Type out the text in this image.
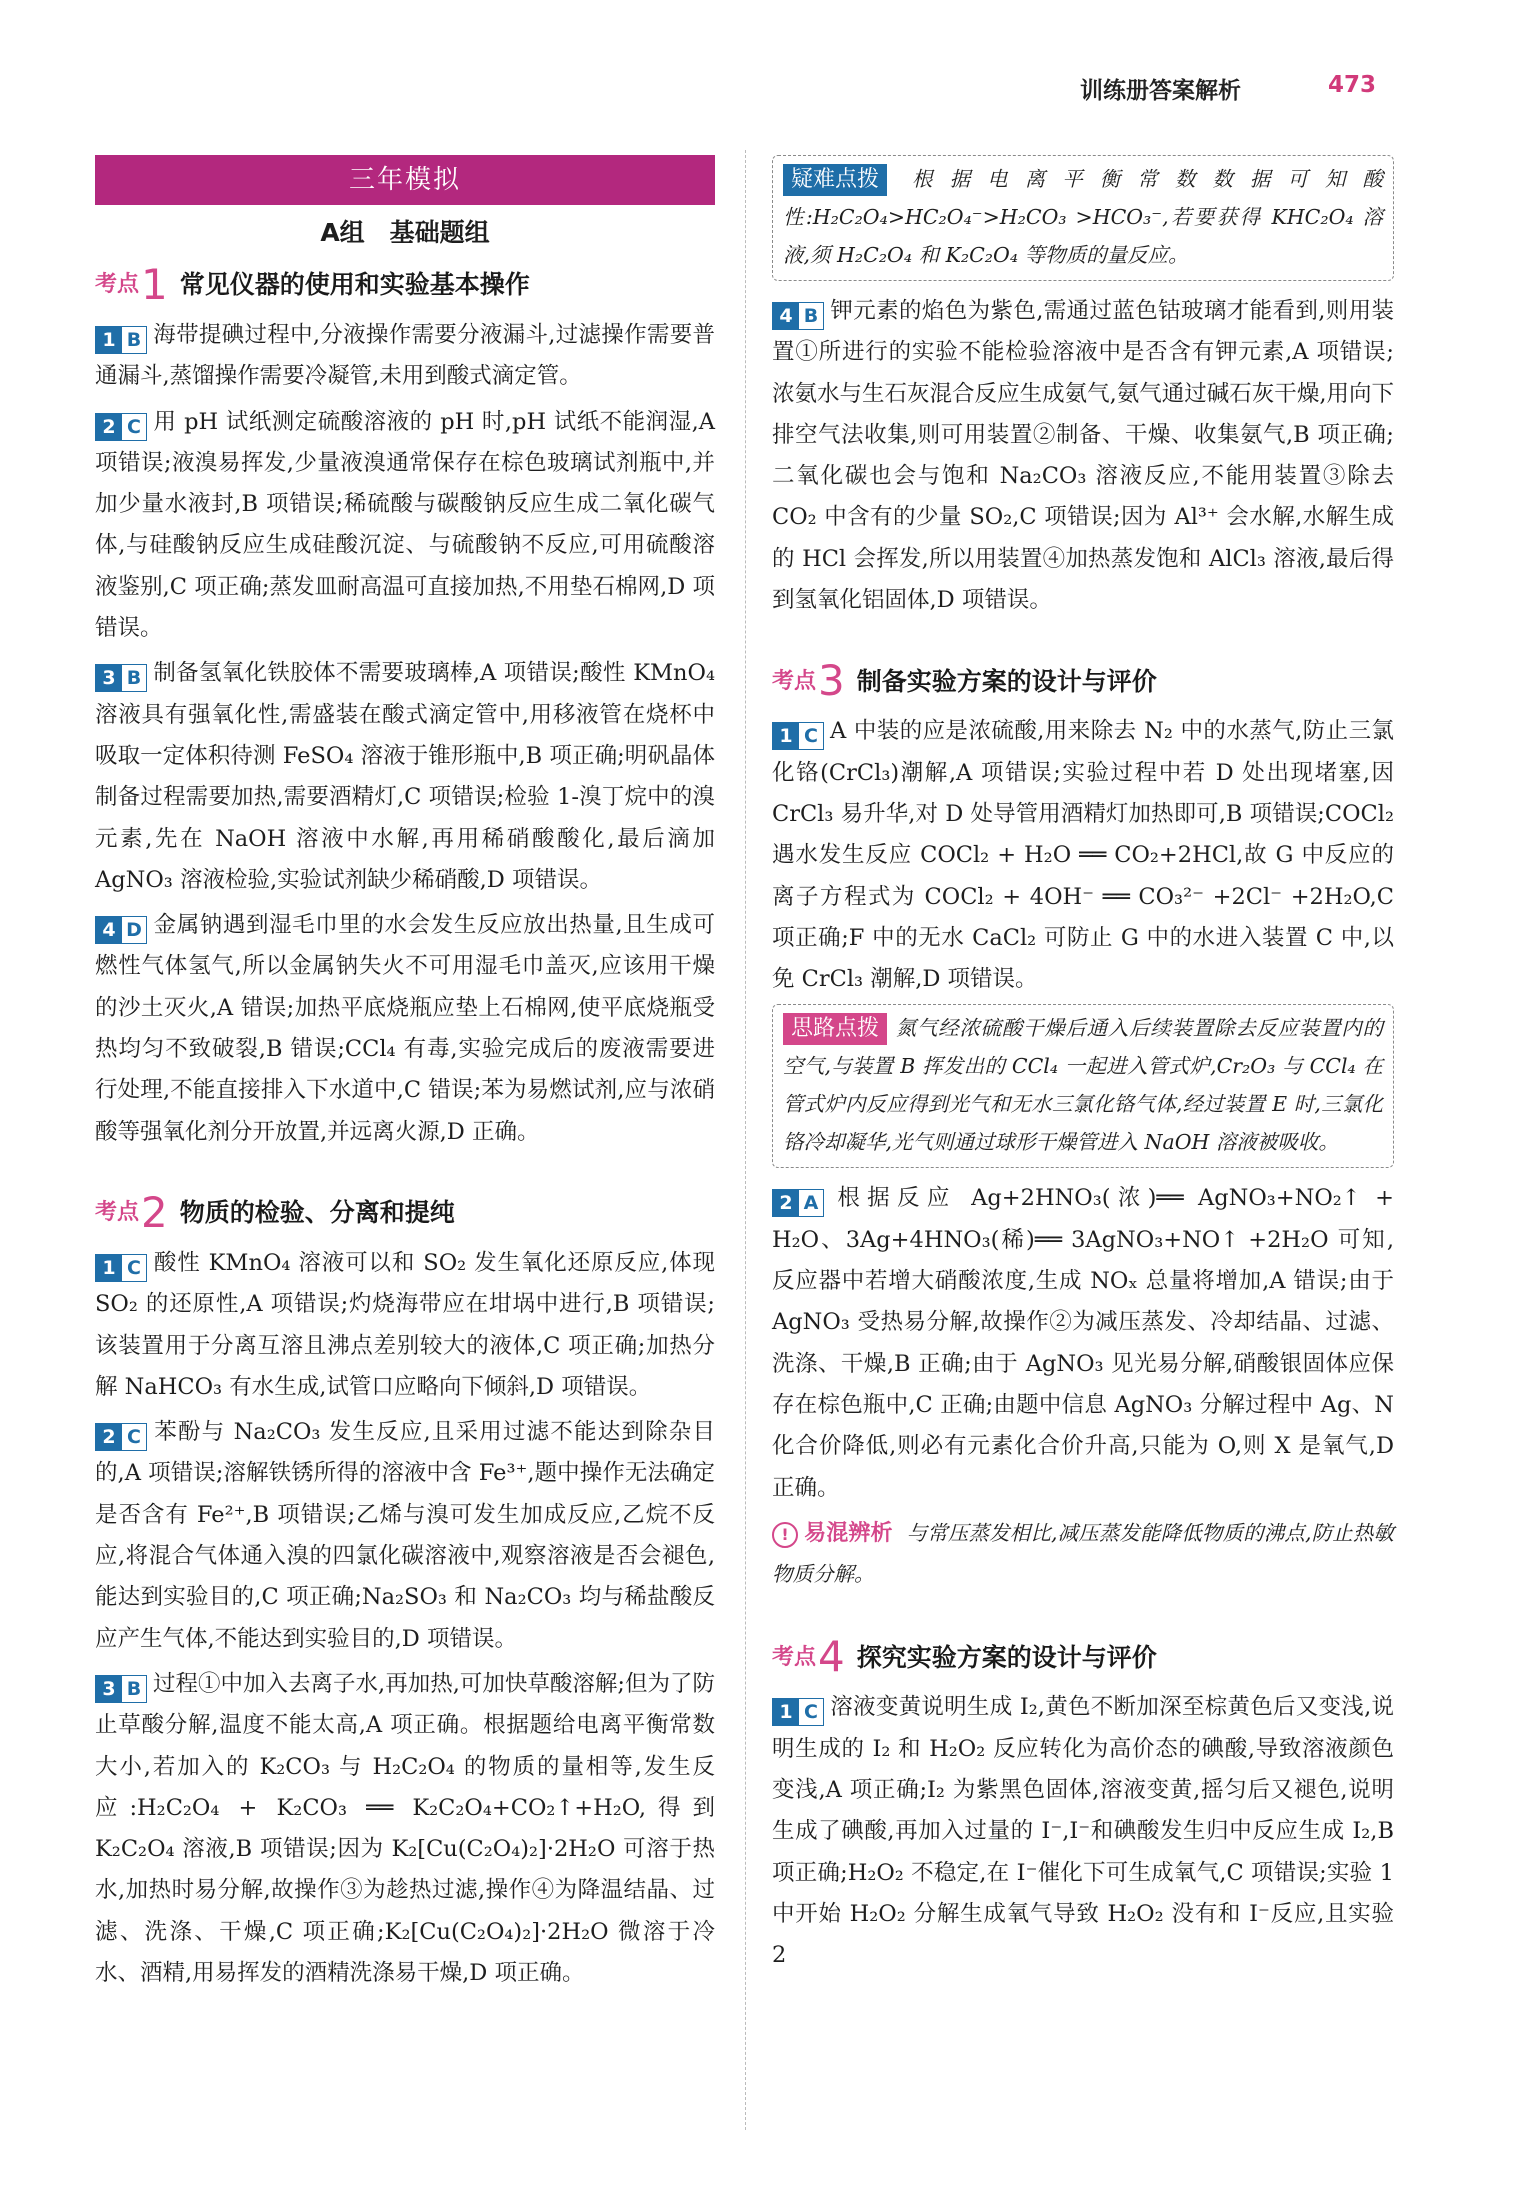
训练册答案解析	473
三年模拟
A组　基础题组
考点 1 常见仪器的使用和实验基本操作
1 B 海带提碘过程中,分液操作需要分液漏斗,过滤操作需要普通漏斗,蒸馏操作需要冷凝管,未用到酸式滴定管。
2 C 用 pH 试纸测定硫酸溶液的 pH 时,pH 试纸不能润湿,A 项错误;液溴易挥发,少量液溴通常保存在棕色玻璃试剂瓶中,并加少量水液封,B 项错误;稀硫酸与碳酸钠反应生成二氧化碳气体,与硅酸钠反应生成硅酸沉淀、与硫酸钠不反应,可用硫酸溶液鉴别,C 项正确;蒸发皿耐高温可直接加热,不用垫石棉网,D 项错误。
3 B 制备氢氧化铁胶体不需要玻璃棒,A 项错误;酸性 KMnO₄ 溶液具有强氧化性,需盛装在酸式滴定管中,用移液管在烧杯中吸取一定体积待测 FeSO₄ 溶液于锥形瓶中,B 项正确;明矾晶体制备过程需要加热,需要酒精灯,C 项错误;检验 1-溴丁烷中的溴元素,先在 NaOH 溶液中水解,再用稀硝酸酸化,最后滴加 AgNO₃ 溶液检验,实验试剂缺少稀硝酸,D 项错误。
4 D 金属钠遇到湿毛巾里的水会发生反应放出热量,且生成可燃性气体氢气,所以金属钠失火不可用湿毛巾盖灭,应该用干燥的沙土灭火,A 错误;加热平底烧瓶应垫上石棉网,使平底烧瓶受热均匀不致破裂,B 错误;CCl₄ 有毒,实验完成后的废液需要进行处理,不能直接排入下水道中,C 错误;苯为易燃试剂,应与浓硝酸等强氧化剂分开放置,并远离火源,D 正确。
考点 2 物质的检验、分离和提纯
1 C 酸性 KMnO₄ 溶液可以和 SO₂ 发生氧化还原反应,体现 SO₂ 的还原性,A 项错误;灼烧海带应在坩埚中进行,B 项错误;该装置用于分离互溶且沸点差别较大的液体,C 项正确;加热分解 NaHCO₃ 有水生成,试管口应略向下倾斜,D 项错误。
2 C 苯酚与 Na₂CO₃ 发生反应,且采用过滤不能达到除杂目的,A 项错误;溶解铁锈所得的溶液中含 Fe³⁺,题中操作无法确定是否含有 Fe²⁺,B 项错误;乙烯与溴可发生加成反应,乙烷不反应,将混合气体通入溴的四氯化碳溶液中,观察溶液是否会褪色,能达到实验目的,C 项正确;Na₂SO₃ 和 Na₂CO₃ 均与稀盐酸反应产生气体,不能达到实验目的,D 项错误。
3 B 过程①中加入去离子水,再加热,可加快草酸溶解;但为了防止草酸分解,温度不能太高,A 项正确。根据题给电离平衡常数大小,若加入的 K₂CO₃ 与 H₂C₂O₄ 的物质的量相等,发生反应:H₂C₂O₄ + K₂CO₃ ══ K₂C₂O₄+CO₂↑+H₂O,得到 K₂C₂O₄ 溶液,B 项错误;因为 K₂[Cu(C₂O₄)₂]·2H₂O 可溶于热水,加热时易分解,故操作③为趁热过滤,操作④为降温结晶、过滤、洗涤、干燥,C 项正确;K₂[Cu(C₂O₄)₂]·2H₂O 微溶于冷水、酒精,用易挥发的酒精洗涤易干燥,D 项正确。
疑难点拨 根据电离平衡常数数据可知酸性:H₂C₂O₄>HC₂O₄⁻>H₂CO₃ >HCO₃⁻,若要获得 KHC₂O₄ 溶液,须 H₂C₂O₄ 和 K₂C₂O₄ 等物质的量反应。
4 B 钾元素的焰色为紫色,需通过蓝色钴玻璃才能看到,则用装置①所进行的实验不能检验溶液中是否含有钾元素,A 项错误;浓氨水与生石灰混合反应生成氨气,氨气通过碱石灰干燥,用向下排空气法收集,则可用装置②制备、干燥、收集氨气,B 项正确;二氧化碳也会与饱和 Na₂CO₃ 溶液反应,不能用装置③除去 CO₂ 中含有的少量 SO₂,C 项错误;因为 Al³⁺ 会水解,水解生成的 HCl 会挥发,所以用装置④加热蒸发饱和 AlCl₃ 溶液,最后得到氢氧化铝固体,D 项错误。
考点 3 制备实验方案的设计与评价
1 C A 中装的应是浓硫酸,用来除去 N₂ 中的水蒸气,防止三氯化铬(CrCl₃)潮解,A 项错误;实验过程中若 D 处出现堵塞,因 CrCl₃ 易升华,对 D 处导管用酒精灯加热即可,B 项错误;COCl₂ 遇水发生反应 COCl₂ + H₂O ══ CO₂+2HCl,故 G 中反应的离子方程式为 COCl₂ + 4OH⁻ ══ CO₃²⁻ +2Cl⁻ +2H₂O,C 项正确;F 中的无水 CaCl₂ 可防止 G 中的水进入装置 C 中,以免 CrCl₃ 潮解,D 项错误。
思路点拨 氮气经浓硫酸干燥后通入后续装置除去反应装置内的空气,与装置 B 挥发出的 CCl₄ 一起进入管式炉,Cr₂O₃ 与 CCl₄ 在管式炉内反应得到光气和无水三氯化铬气体,经过装置 E 时,三氯化铬冷却凝华,光气则通过球形干燥管进入 NaOH 溶液被吸收。
2 A 根据反应 Ag+2HNO₃(浓)══ AgNO₃+NO₂↑ + H₂O、3Ag+4HNO₃(稀)══ 3AgNO₃+NO↑ +2H₂O 可知,反应器中若增大硝酸浓度,生成 NOₓ 总量将增加,A 错误;由于AgNO₃ 受热易分解,故操作②为减压蒸发、冷却结晶、过滤、洗涤、干燥,B 正确;由于 AgNO₃ 见光易分解,硝酸银固体应保存在棕色瓶中,C 正确;由题中信息 AgNO₃ 分解过程中 Ag、N 化合价降低,则必有元素化合价升高,只能为 O,则 X 是氧气,D 正确。
! 易混辨析 与常压蒸发相比,减压蒸发能降低物质的沸点,防止热敏物质分解。
考点 4 探究实验方案的设计与评价
1 C 溶液变黄说明生成 I₂,黄色不断加深至棕黄色后又变浅,说明生成的 I₂ 和 H₂O₂ 反应转化为高价态的碘酸,导致溶液颜色变浅,A 项正确;I₂ 为紫黑色固体,溶液变黄,摇匀后又褪色,说明生成了碘酸,再加入过量的 I⁻,I⁻和碘酸发生归中反应生成 I₂,B 项正确;H₂O₂ 不稳定,在 I⁻催化下可生成氧气,C 项错误;实验 1 中开始 H₂O₂ 分解生成氧气导致 H₂O₂ 没有和 I⁻反应,且实验 2
